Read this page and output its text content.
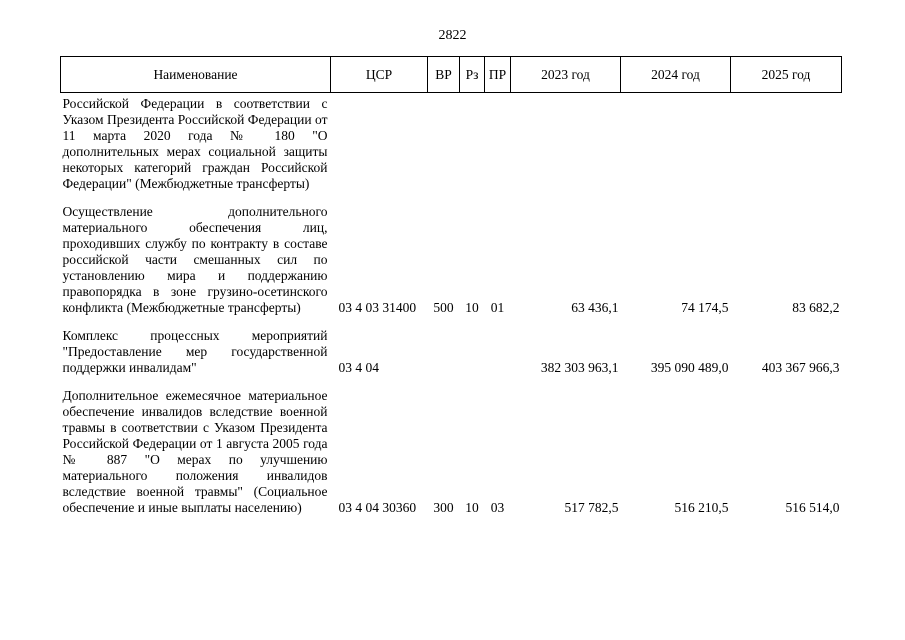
2822
Наименование	ЦСР	ВР	Рз	ПР	2023 год	2024 год	2025 год
Российской Федерации в соответствии с Указом Президента Российской Федерации от 11 марта 2020 года № 180 "О дополнительных мерах социальной защиты некоторых категорий граждан Российской Федерации" (Межбюджетные трансферты)							
Осуществление дополнительного материального обеспечения лиц, проходивших службу по контракту в составе российской части смешанных сил по установлению мира и поддержанию правопорядка в зоне грузино-осетинского конфликта (Межбюджетные трансферты)	03 4 03 31400	500	10	01	63 436,1	74 174,5	83 682,2
Комплекс процессных мероприятий "Предоставление мер государственной поддержки инвалидам"	03 4 04				382 303 963,1	395 090 489,0	403 367 966,3
Дополнительное ежемесячное материальное обеспечение инвалидов вследствие военной травмы в соответствии с Указом Президента Российской Федерации от 1 августа 2005 года № 887 "О мерах по улучшению материального положения инвалидов вследствие военной травмы" (Социальное обеспечение и иные выплаты населению)	03 4 04 30360	300	10	03	517 782,5	516 210,5	516 514,0
